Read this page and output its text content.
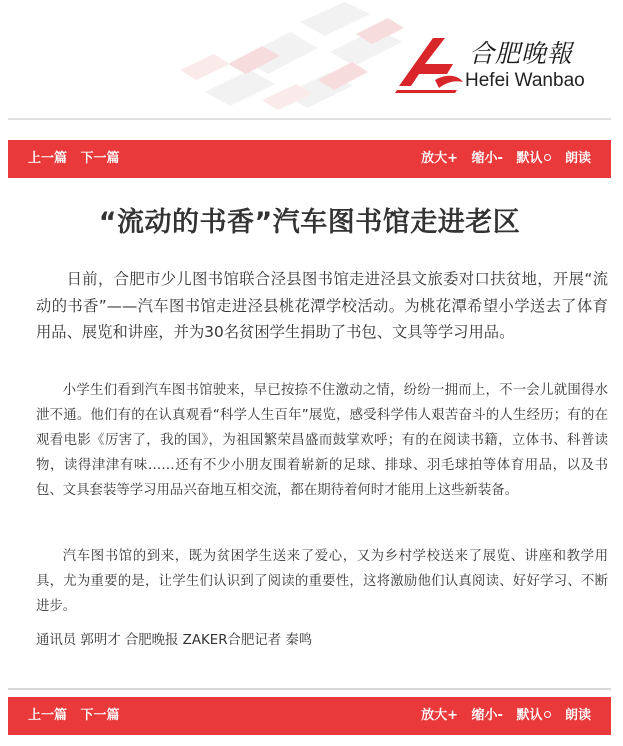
合肥晚報
Hefei Wanbao
上一篇 下一篇	放大+ 缩小- 默认 朗读
“流动的书香”汽车图书馆走进老区

日前，合肥市少儿图书馆联合泾县图书馆走进泾县文旅委对口扶贫地，开展“流动的书香”——汽车图书馆走进泾县桃花潭学校活动。为桃花潭希望小学送去了体育用品、展览和讲座，并为30名贫困学生捐助了书包、文具等学习用品。

小学生们看到汽车图书馆驶来，早已按捺不住激动之情，纷纷一拥而上，不一会儿就围得水泄不通。他们有的在认真观看“科学人生百年”展览，感受科学伟人艰苦奋斗的人生经历；有的在观看电影《厉害了，我的国》，为祖国繁荣昌盛而鼓掌欢呼；有的在阅读书籍，立体书、科普读物，读得津津有味……还有不少小朋友围着崭新的足球、排球、羽毛球拍等体育用品，以及书包、文具套装等学习用品兴奋地互相交流，都在期待着何时才能用上这些新装备。

汽车图书馆的到来，既为贫困学生送来了爱心，又为乡村学校送来了展览、讲座和教学用具，尤为重要的是，让学生们认识到了阅读的重要性，这将激励他们认真阅读、好好学习、不断进步。

通讯员 郭明才 合肥晚报 ZAKER合肥记者 秦鸣
上一篇 下一篇	放大+ 缩小- 默认 朗读
